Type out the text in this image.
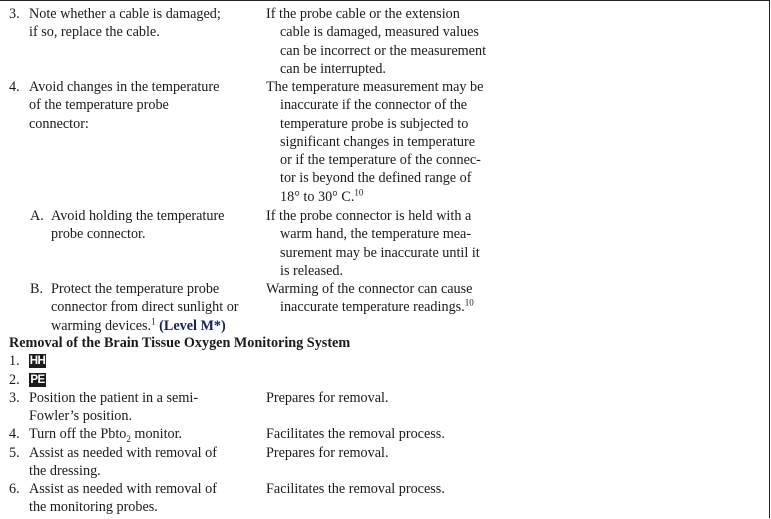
3. Note whether a cable is damaged;
if so, replace the cable.
If the probe cable or the extension
cable is damaged, measured values
can be incorrect or the measurement
can be interrupted.
4. Avoid changes in the temperature
of the temperature probe
connector:
The temperature measurement may be
inaccurate if the connector of the
temperature probe is subjected to
significant changes in temperature
or if the temperature of the connec-
tor is beyond the defined range of
18° to 30° C.$^{10}$
A. Avoid holding the temperature
probe connector.
If the probe connector is held with a
warm hand, the temperature mea-
surement may be inaccurate until it
is released.
B. Protect the temperature probe
connector from direct sunlight or
warming devices.$^1$ (Level M*)
Warming of the connector can cause
inaccurate temperature readings.$^{10}$
Removal of the Brain Tissue Oxygen Monitoring System
1. HH
2. PE
3. Position the patient in a semi-
Fowler’s position.
Prepares for removal.
4. Turn off the Pbto$_2$ monitor.	Facilitates the removal process.
5. Assist as needed with removal of
the dressing.
Prepares for removal.
6. Assist as needed with removal of
the monitoring probes.
Facilitates the removal process.
